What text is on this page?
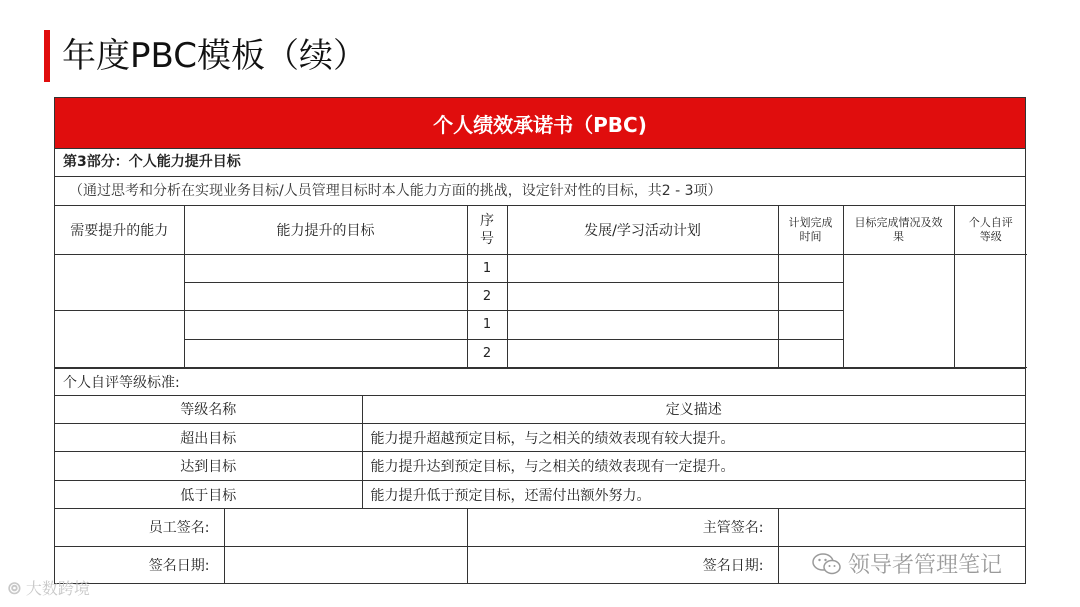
年度PBC模板（续）
个人绩效承诺书（PBC)
第3部分：个人能力提升目标
（通过思考和分析在实现业务目标/人员管理目标时本人能力方面的挑战，设定针对性的目标，共2 - 3项）
需要提升的能力	能力提升的目标	序号	发展/学习活动计划	计划完成时间	目标完成情况及效果	个人自评等级
		1				
		2				
		1				
		2				
个人自评等级标准:
等级名称	定义描述
超出目标	能力提升超越预定目标，与之相关的绩效表现有较大提升。
达到目标	能力提升达到预定目标，与之相关的绩效表现有一定提升。
低于目标	能力提升低于预定目标，还需付出额外努力。
员工签名:		主管签名:	
签名日期:		签名日期:	
⦾ 大数跨境
领导者管理笔记
